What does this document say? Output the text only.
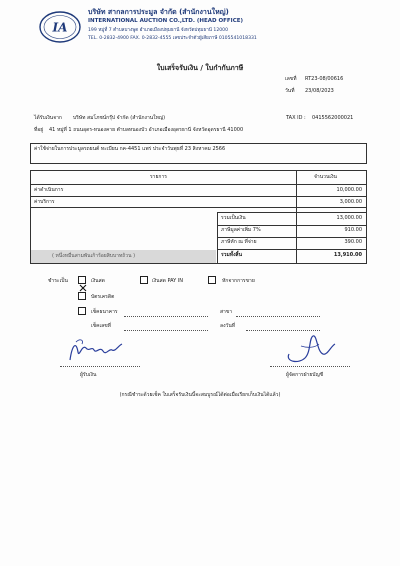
IA
บริษัท สากลการประมูล จำกัด (สำนักงานใหญ่)
INTERNATIONAL AUCTION CO.,LTD. (HEAD OFFICE)
199 หมู่ที่ 7 ตำบลบางพูด อำเภอเมืองปทุมธานี จังหวัดปทุมธานี 12000
TEL. 0-2832-4900 FAX. 0-2832-4555 เลขประจำตัวผู้เสียภาษี 0105541018331
ใบเสร็จรับเงิน / ใบกำกับภาษี
เลขที่ RT23-08/00616
วันที่ 23/08/2023
ได้รับเงินจาก บริษัท สมโภชน์กรุ๊ป จำกัด (สำนักงานใหญ่)	TAX ID : 0415562000021
ที่อยู่ 41 หมู่ที่ 1 ถนนอุดร-หนองคาย ตำบลหนองบัว อำเภอเมืองอุดรธานี จังหวัดอุดรธานี 41000
ค่าใช้จ่ายในการประมูลรถยนต์ ทะเบียน กค-4451 แพร่ ประจำวันพุธที่ 23 สิงหาคม 2566
รายการ	จำนวนเงิน
ค่าดำเนินการ	10,000.00
ค่าบริการ	3,000.00
รวมเป็นเงิน	13,000.00
ภาษีมูลค่าเพิ่ม 7%	910.00
ภาษีหัก ณ ที่จ่าย	390.00
( หนึ่งหมื่นสามพันเก้าร้อยสิบบาทถ้วน )	รวมทั้งสิ้น	13,910.00
ชำระเป็น	เงินสด	เงินสด PAY IN	หักจากการขาย
บัตรเครดิต
เช็คธนาคาร	สาขา
เช็คเลขที่	ลงวันที่
ผู้รับเงิน	ผู้จัดการฝ่ายบัญชี
(กรณีชำระด้วยเช็ค ใบเสร็จรับเงินนี้จะสมบูรณ์ได้ต่อเมื่อเรียกเก็บเงินได้แล้ว)
